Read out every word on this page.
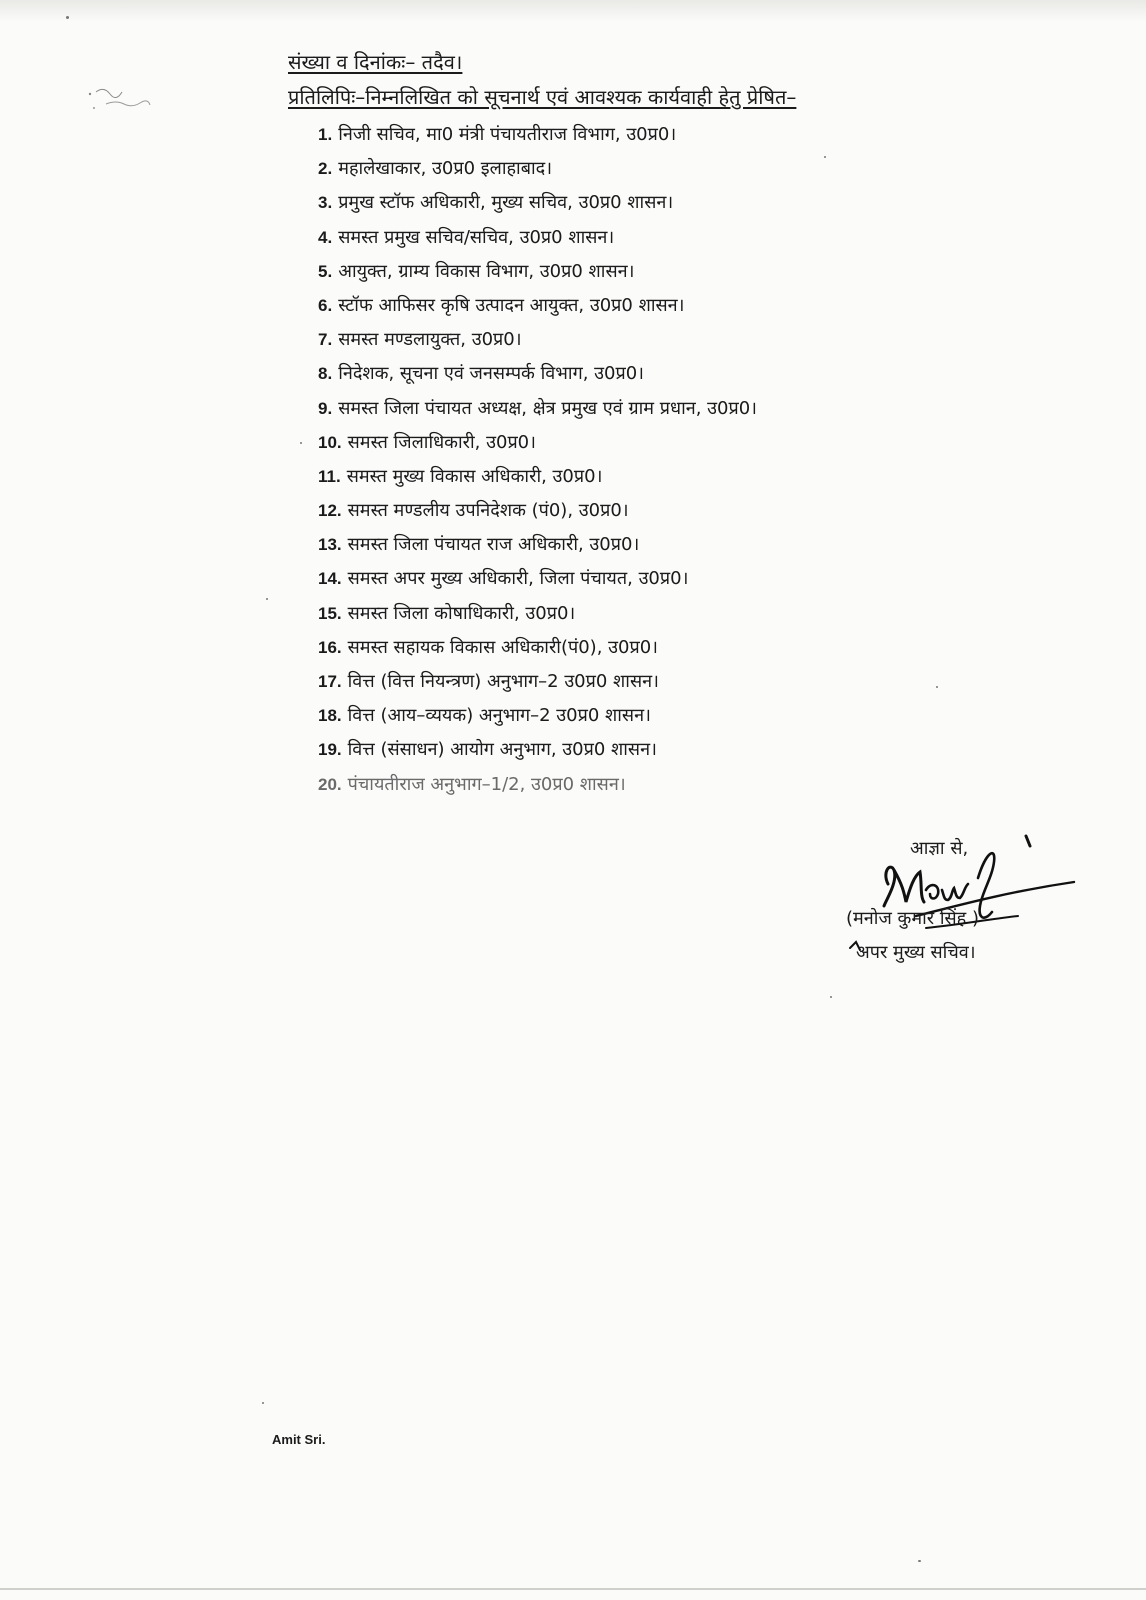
संख्या व दिनांकः– तदैव।
प्रतिलिपिः–निम्नलिखित को सूचनार्थ एवं आवश्यक कार्यवाही हेतु प्रेषित–
1. निजी सचिव, मा0 मंत्री पंचायतीराज विभाग, उ0प्र0।
2. महालेखाकार, उ0प्र0 इलाहाबाद।
3. प्रमुख स्टॉफ अधिकारी, मुख्य सचिव, उ0प्र0 शासन।
4. समस्त प्रमुख सचिव/सचिव, उ0प्र0 शासन।
5. आयुक्त, ग्राम्य विकास विभाग, उ0प्र0 शासन।
6. स्टॉफ आफिसर कृषि उत्पादन आयुक्त, उ0प्र0 शासन।
7. समस्त मण्डलायुक्त, उ0प्र0।
8. निदेशक, सूचना एवं जनसम्पर्क विभाग, उ0प्र0।
9. समस्त जिला पंचायत अध्यक्ष, क्षेत्र प्रमुख एवं ग्राम प्रधान, उ0प्र0।
10. समस्त जिलाधिकारी, उ0प्र0।
11. समस्त मुख्य विकास अधिकारी, उ0प्र0।
12. समस्त मण्डलीय उपनिदेशक (पं0), उ0प्र0।
13. समस्त जिला पंचायत राज अधिकारी, उ0प्र0।
14. समस्त अपर मुख्य अधिकारी, जिला पंचायत, उ0प्र0।
15. समस्त जिला कोषाधिकारी, उ0प्र0।
16. समस्त सहायक विकास अधिकारी(पं0), उ0प्र0।
17. वित्त (वित्त नियन्त्रण) अनुभाग–2 उ0प्र0 शासन।
18. वित्त (आय–व्ययक) अनुभाग–2 उ0प्र0 शासन।
19. वित्त (संसाधन) आयोग अनुभाग, उ0प्र0 शासन।
20. पंचायतीराज अनुभाग–1/2, उ0प्र0 शासन।
आज्ञा से,
(मनोज कुमार सिंह )
अपर मुख्य सचिव।
Amit Sri.
